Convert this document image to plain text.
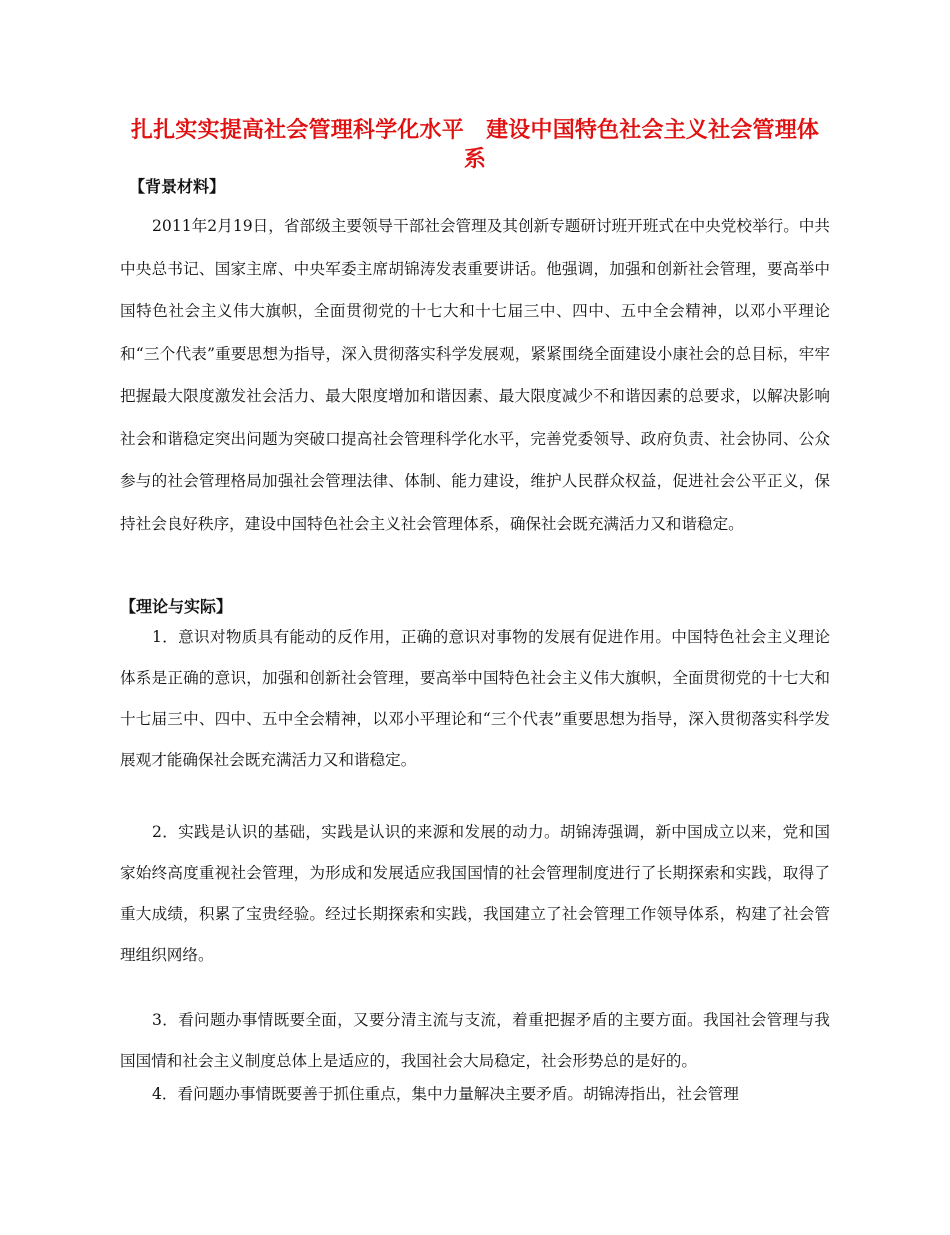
扎扎实实提高社会管理科学化水平　建设中国特色社会主义社会管理体系
【背景材料】

2011年2月19日，省部级主要领导干部社会管理及其创新专题研讨班开班式在中央党校举行。中共中央总书记、国家主席、中央军委主席胡锦涛发表重要讲话。他强调，加强和创新社会管理，要高举中国特色社会主义伟大旗帜，全面贯彻党的十七大和十七届三中、四中、五中全会精神，以邓小平理论和“三个代表”重要思想为指导，深入贯彻落实科学发展观，紧紧围绕全面建设小康社会的总目标，牢牢把握最大限度激发社会活力、最大限度增加和谐因素、最大限度减少不和谐因素的总要求，以解决影响社会和谐稳定突出问题为突破口提高社会管理科学化水平，完善党委领导、政府负责、社会协同、公众参与的社会管理格局加强社会管理法律、体制、能力建设，维护人民群众权益，促进社会公平正义，保持社会良好秩序，建设中国特色社会主义社会管理体系，确保社会既充满活力又和谐稳定。

【理论与实际】

1．意识对物质具有能动的反作用，正确的意识对事物的发展有促进作用。中国特色社会主义理论体系是正确的意识，加强和创新社会管理，要高举中国特色社会主义伟大旗帜，全面贯彻党的十七大和十七届三中、四中、五中全会精神，以邓小平理论和“三个代表”重要思想为指导，深入贯彻落实科学发展观才能确保社会既充满活力又和谐稳定。

2．实践是认识的基础，实践是认识的来源和发展的动力。胡锦涛强调，新中国成立以来，党和国家始终高度重视社会管理，为形成和发展适应我国国情的社会管理制度进行了长期探索和实践，取得了重大成绩，积累了宝贵经验。经过长期探索和实践，我国建立了社会管理工作领导体系，构建了社会管理组织网络。

3．看问题办事情既要全面，又要分清主流与支流，着重把握矛盾的主要方面。我国社会管理与我国国情和社会主义制度总体上是适应的，我国社会大局稳定，社会形势总的是好的。

4．看问题办事情既要善于抓住重点，集中力量解决主要矛盾。胡锦涛指出，社会管理
